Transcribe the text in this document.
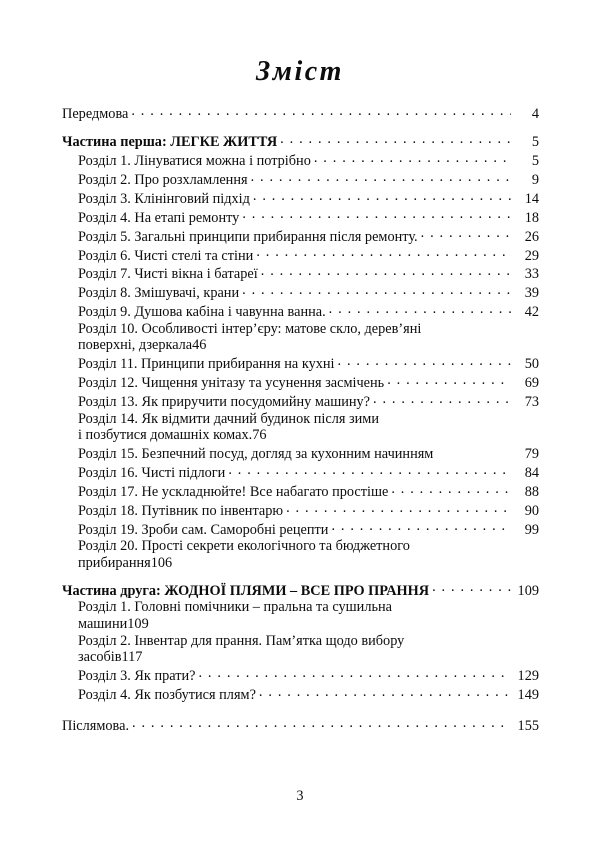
Зміст
Передмова . . .	4
Частина перша: ЛЕГКЕ ЖИТТЯ . . .	5
Розділ 1. Лінуватися можна і потрібно . . .	5
Розділ 2. Про розхламлення . . .	9
Розділ 3. Клінінговий підхід . . .	14
Розділ 4. На етапі ремонту . . .	18
Розділ 5. Загальні принципи прибирання після ремонту. . . .	26
Розділ 6. Чисті стелі та стіни . . .	29
Розділ 7. Чисті вікна і батареї . . .	33
Розділ 8. Змішувачі, крани . . .	39
Розділ 9. Душова кабіна і чавунна ванна. . . .	42
Розділ 10. Особливості інтер’єру: матове скло, дерев’яні
поверхні, дзеркала 46
Розділ 11. Принципи прибирання на кухні . . .	50
Розділ 12. Чищення унітазу та усунення засмічень . . .	69
Розділ 13. Як приручити посудомийну машину? . . .	73
Розділ 14. Як відмити дачний будинок після зими
і позбутися домашніх комах. 76
Розділ 15. Безпечний посуд, догляд за кухонним начинням	79
Розділ 16. Чисті підлоги . . .	84
Розділ 17. Не ускладнюйте! Все набагато простіше . . .	88
Розділ 18. Путівник по інвентарю . . .	90
Розділ 19. Зроби сам. Саморобні рецепти . . .	99
Розділ 20. Прості секрети екологічного та бюджетного
прибирання 106
Частина друга: ЖОДНОЇ ПЛЯМИ – ВСЕ ПРО ПРАННЯ . . .	109
Розділ 1. Головні помічники – пральна та сушильна
машини 109
Розділ 2. Інвентар для прання. Пам’ятка щодо вибору
засобів 117
Розділ 3. Як прати? . . .	129
Розділ 4. Як позбутися плям? . . .	149
Післямова. . . .	155
3
